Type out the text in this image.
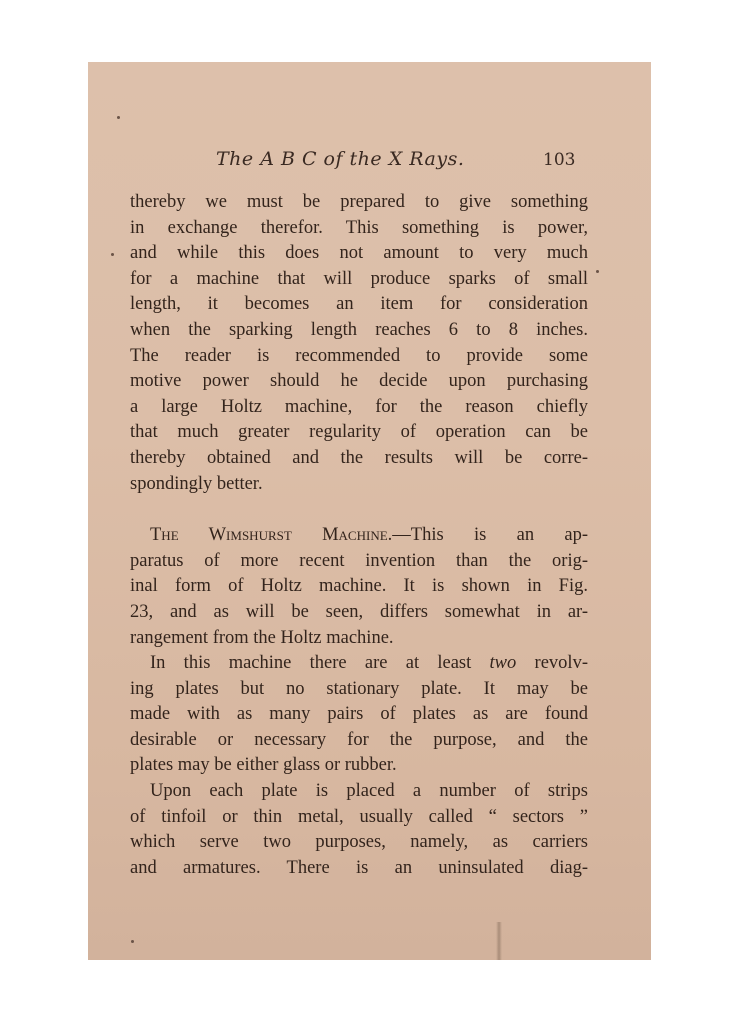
The A B C of the X Rays.	103
thereby we must be prepared to give something
in exchange therefor. This something is power,
and while this does not amount to very much
for a machine that will produce sparks of small
length, it becomes an item for consideration
when the sparking length reaches 6 to 8 inches.
The reader is recommended to provide some
motive power should he decide upon purchasing
a large Holtz machine, for the reason chiefly
that much greater regularity of operation can be
thereby obtained and the results will be corre-
spondingly better.
The Wimshurst Machine.—This is an ap-
paratus of more recent invention than the orig-
inal form of Holtz machine. It is shown in Fig.
23, and as will be seen, differs somewhat in ar-
rangement from the Holtz machine.
In this machine there are at least two revolv-
ing plates but no stationary plate. It may be
made with as many pairs of plates as are found
desirable or necessary for the purpose, and the
plates may be either glass or rubber.
Upon each plate is placed a number of strips
of tinfoil or thin metal, usually called “ sectors ”
which serve two purposes, namely, as carriers
and armatures. There is an uninsulated diag-
